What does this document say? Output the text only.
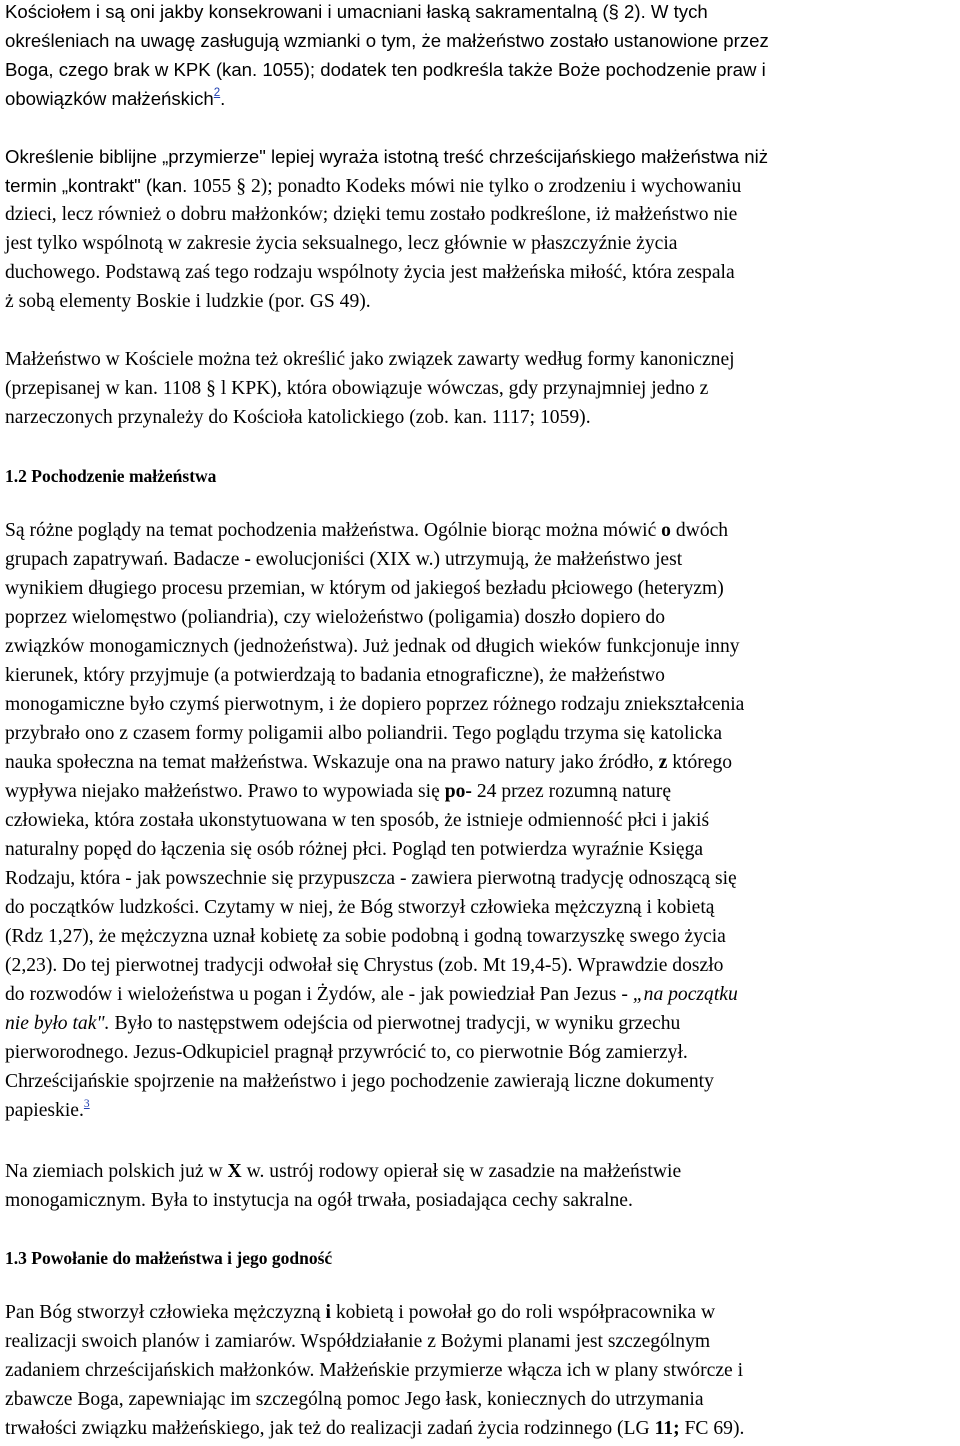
Kościołem i są oni jakby konsekrowani i umacniani łaską sakramentalną (§ 2). W tych
określeniach na uwagę zasługują wzmianki o tym, że małżeństwo zostało ustanowione przez
Boga, czego brak w KPK (kan. 1055); dodatek ten podkreśla także Boże pochodzenie praw i
obowiązków małżeńskich$^2$.
Określenie biblijne „przymierze" lepiej wyraża istotną treść chrześcijańskiego małżeństwa niż
termin „kontrakt" (kan. 1055 § 2); ponadto Kodeks mówi nie tylko o zrodzeniu i wychowaniu
dzieci, lecz również o dobru małżonków; dzięki temu zostało podkreślone, iż małżeństwo nie
jest tylko wspólnotą w zakresie życia seksualnego, lecz głównie w płaszczyźnie życia
duchowego. Podstawą zaś tego rodzaju wspólnoty życia jest małżeńska miłość, która zespala
ż sobą elementy Boskie i ludzkie (por. GS 49).
Małżeństwo w Kościele można też określić jako związek zawarty według formy kanonicznej
(przepisanej w kan. 1108 § l KPK), która obowiązuje wówczas, gdy przynajmniej jedno z
narzeczonych przynależy do Kościoła katolickiego (zob. kan. 1117; 1059).
1.2 Pochodzenie małżeństwa
Są różne poglądy na temat pochodzenia małżeństwa. Ogólnie biorąc można mówić o dwóch
grupach zapatrywań. Badacze - ewolucjoniści (XIX w.) utrzymują, że małżeństwo jest
wynikiem długiego procesu przemian, w którym od jakiegoś bezładu płciowego (heteryzm)
poprzez wielomęstwo (poliandria), czy wielożeństwo (poligamia) doszło dopiero do
związków monogamicznych (jednożeństwa). Już jednak od długich wieków funkcjonuje inny
kierunek, który przyjmuje (a potwierdzają to badania etnograficzne), że małżeństwo
monogamiczne było czymś pierwotnym, i że dopiero poprzez różnego rodzaju zniekształcenia
przybrało ono z czasem formy poligamii albo poliandrii. Tego poglądu trzyma się katolicka
nauka społeczna na temat małżeństwa. Wskazuje ona na prawo natury jako źródło, z którego
wypływa niejako małżeństwo. Prawo to wypowiada się po- 24 przez rozumną naturę
człowieka, która została ukonstytuowana w ten sposób, że istnieje odmienność płci i jakiś
naturalny popęd do łączenia się osób różnej płci. Pogląd ten potwierdza wyraźnie Księga
Rodzaju, która - jak powszechnie się przypuszcza - zawiera pierwotną tradycję odnoszącą się
do początków ludzkości. Czytamy w niej, że Bóg stworzył człowieka mężczyzną i kobietą
(Rdz 1,27), że mężczyzna uznał kobietę za sobie podobną i godną towarzyszkę swego życia
(2,23). Do tej pierwotnej tradycji odwołał się Chrystus (zob. Mt 19,4-5). Wprawdzie doszło
do rozwodów i wielożeństwa u pogan i Żydów, ale - jak powiedział Pan Jezus - „na początku
nie było tak". Było to następstwem odejścia od pierwotnej tradycji, w wyniku grzechu
pierworodnego. Jezus-Odkupiciel pragnął przywrócić to, co pierwotnie Bóg zamierzył.
Chrześcijańskie spojrzenie na małżeństwo i jego pochodzenie zawierają liczne dokumenty
papieskie.$^3$
Na ziemiach polskich już w X w. ustrój rodowy opierał się w zasadzie na małżeństwie
monogamicznym. Była to instytucja na ogół trwała, posiadająca cechy sakralne.
1.3 Powołanie do małżeństwa i jego godność
Pan Bóg stworzył człowieka mężczyzną i kobietą i powołał go do roli współpracownika w
realizacji swoich planów i zamiarów. Współdziałanie z Bożymi planami jest szczególnym
zadaniem chrześcijańskich małżonków. Małżeńskie przymierze włącza ich w plany stwórcze i
zbawcze Boga, zapewniając im szczególną pomoc Jego łask, koniecznych do utrzymania
trwałości związku małżeńskiego, jak też do realizacji zadań życia rodzinnego (LG 11; FC 69).
